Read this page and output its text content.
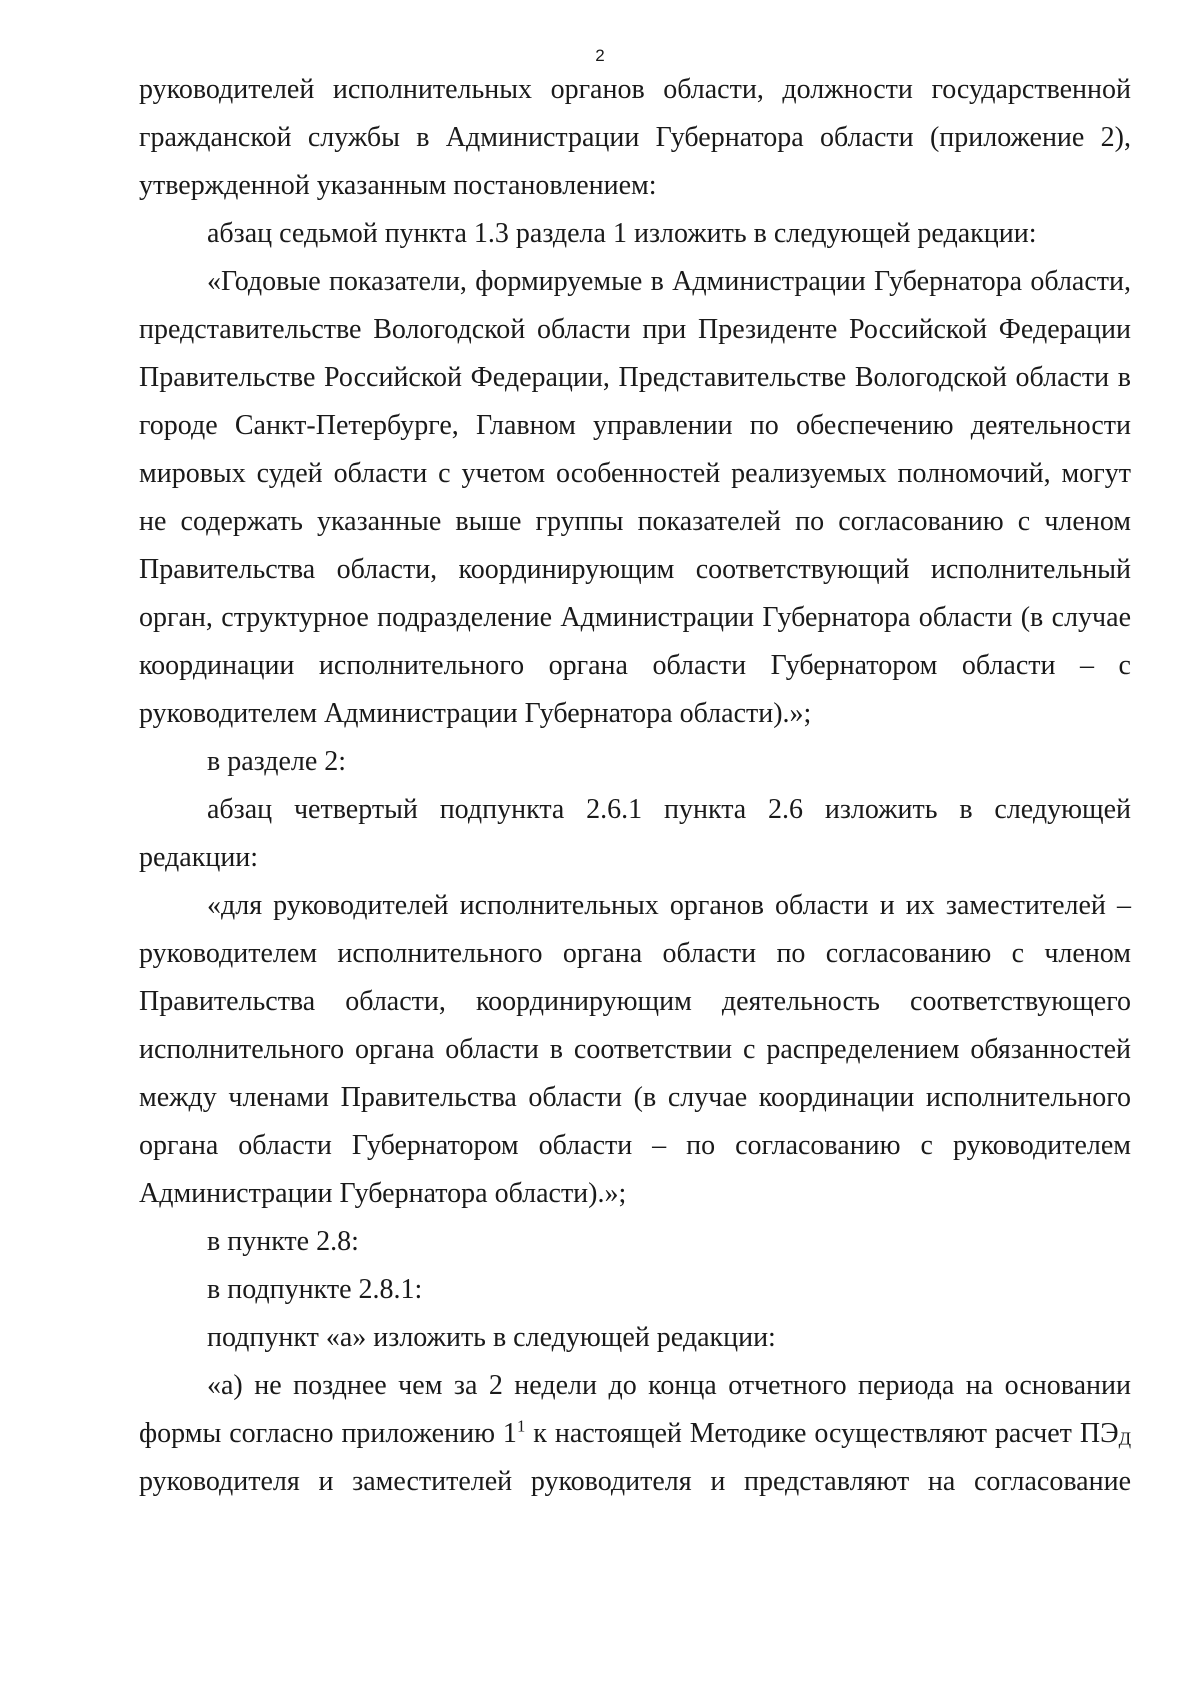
2

руководителей исполнительных органов области, должности государственной гражданской службы в Администрации Губернатора области (приложение 2), утвержденной указанным постановлением:

абзац седьмой пункта 1.3 раздела 1 изложить в следующей редакции:

«Годовые показатели, формируемые в Администрации Губернатора области, представительстве Вологодской области при Президенте Российской Федерации Правительстве Российской Федерации, Представительстве Вологодской области в городе Санкт-Петербурге, Главном управлении по обеспечению деятельности мировых судей области с учетом особенностей реализуемых полномочий, могут не содержать указанные выше группы показателей по согласованию с членом Правительства области, координирующим соответствующий исполнительный орган, структурное подразделение Администрации Губернатора области (в случае координации исполнительного органа области Губернатором области – с руководителем Администрации Губернатора области).»;

в разделе 2:

абзац четвертый подпункта 2.6.1 пункта 2.6 изложить в следующей редакции:

«для руководителей исполнительных органов области и их заместителей – руководителем исполнительного органа области по согласованию с членом Правительства области, координирующим деятельность соответствующего исполнительного органа области в соответствии с распределением обязанностей между членами Правительства области (в случае координации исполнительного органа области Губернатором области – по согласованию с руководителем Администрации Губернатора области).»;

в пункте 2.8:

в подпункте 2.8.1:

подпункт «а» изложить в следующей редакции:

«а) не позднее чем за 2 недели до конца отчетного периода на основании формы согласно приложению $1^1$ к настоящей Методике осуществляют расчет $ПЭ_Д$ руководителя и заместителей руководителя и представляют на согласование
